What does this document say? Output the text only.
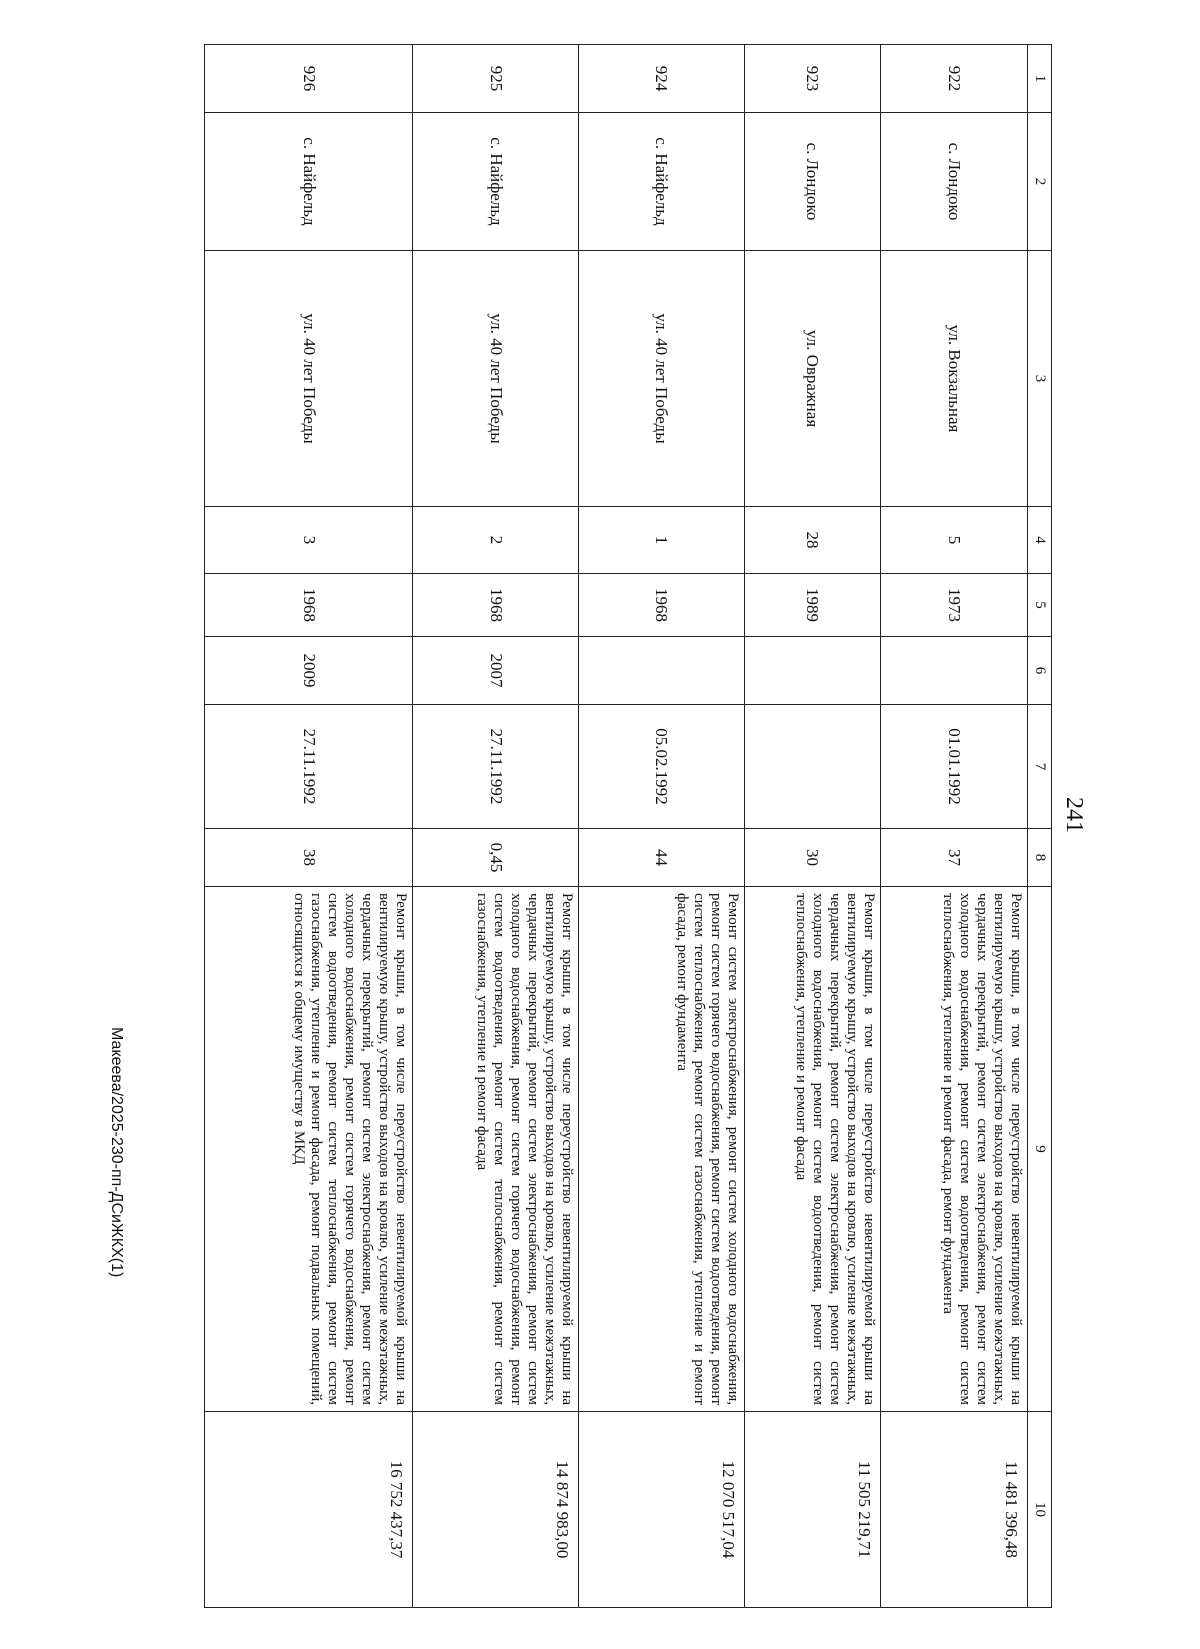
241
1	2	3	4	5	6	7	8	9	10
922	с. Лондоко	ул. Вокзальная	5	1973		01.01.1992	37	Ремонт крыши, в том числе переустройство невентилируемой крыши на вентилируемую крышу, устройство выходов на кровлю, усиление межэтажных, чердачных перекрытий, ремонт систем электроснабжения, ремонт систем холодного водоснабжения, ремонт систем водоотведения, ремонт систем теплоснабжения, утепление и ремонт фасада, ремонт фундамента	11 481 396,48
923	с. Лондоко	ул. Овражная	28	1989			30	Ремонт крыши, в том числе переустройство невентилируемой крыши на вентилируемую крышу, устройство выходов на кровлю, усиление межэтажных, чердачных перекрытий, ремонт систем электроснабжения, ремонт систем холодного водоснабжения, ремонт систем водоотведения, ремонт систем теплоснабжения, утепление и ремонт фасада	11 505 219,71
924	с. Найфельд	ул. 40 лет Победы	1	1968		05.02.1992	44	Ремонт систем электроснабжения, ремонт систем холодного водоснабжения, ремонт систем горячего водоснабжения, ремонт систем водоотведения, ремонт систем теплоснабжения, ремонт систем газоснабжения, утепление и ремонт фасада, ремонт фундамента	12 070 517,04
925	с. Найфельд	ул. 40 лет Победы	2	1968	2007	27.11.1992	0,45	Ремонт крыши, в том числе переустройство невентилируемой крыши на вентилируемую крышу, устройство выходов на кровлю, усиление межэтажных, чердачных перекрытий, ремонт систем электроснабжения, ремонт систем холодного водоснабжения, ремонт систем горячего водоснабжения, ремонт систем водоотведения, ремонт систем теплоснабжения, ремонт систем газоснабжения, утепление и ремонт фасада	14 874 983,00
926	с. Найфельд	ул. 40 лет Победы	3	1968	2009	27.11.1992	38	Ремонт крыши, в том числе переустройство невентилируемой крыши на вентилируемую крышу, устройство выходов на кровлю, усиление межэтажных, чердачных перекрытий, ремонт систем электроснабжения, ремонт систем холодного водоснабжения, ремонт систем горячего водоснабжения, ремонт систем водоотведения, ремонт систем теплоснабжения, ремонт систем газоснабжения, утепление и ремонт фасада, ремонт подвальных помещений, относящихся к общему имуществу в МКД	16 752 437,37
Макеева/2025-230-пп-ДСиЖКХ(1)
